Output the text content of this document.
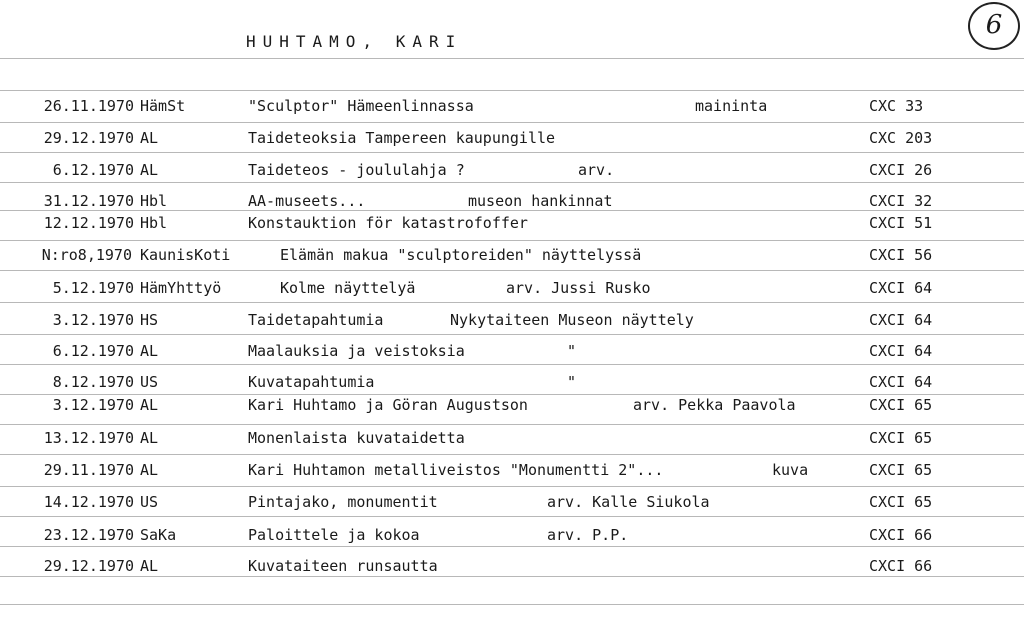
HUHTAMO, KARI
6
26.11.1970 HämSt	"Sculptor" Hämeenlinnassa	maininta	CXC 33
29.12.1970 AL	Taideteoksia Tampereen kaupungille	CXC 203
6.12.1970 AL	Taideteos - joululahja ?	arv.	CXCI 26
31.12.1970 Hbl	AA-museets...	museon hankinnat	CXCI 32
12.12.1970 Hbl	Konstauktion för katastrofoffer	CXCI 51
N:ro8,1970 KaunisKoti	Elämän makua "sculptoreiden" näyttelyssä	CXCI 56
5.12.1970 HämYhttyö	Kolme näyttelyä	arv. Jussi Rusko	CXCI 64
3.12.1970 HS	Taidetapahtumia	Nykytaiteen Museon näyttely	CXCI 64
6.12.1970 AL	Maalauksia ja veistoksia	"	CXCI 64
8.12.1970 US	Kuvatapahtumia	"	CXCI 64
3.12.1970 AL	Kari Huhtamo ja Göran Augustson	arv. Pekka Paavola	CXCI 65
13.12.1970 AL	Monenlaista kuvataidetta	CXCI 65
29.11.1970 AL	Kari Huhtamon metalliveistos "Monumentti 2"...	kuva	CXCI 65
14.12.1970 US	Pintajako, monumentit	arv. Kalle Siukola	CXCI 65
23.12.1970 SaKa	Paloittele ja kokoa	arv. P.P.	CXCI 66
29.12.1970 AL	Kuvataiteen runsautta	CXCI 66
